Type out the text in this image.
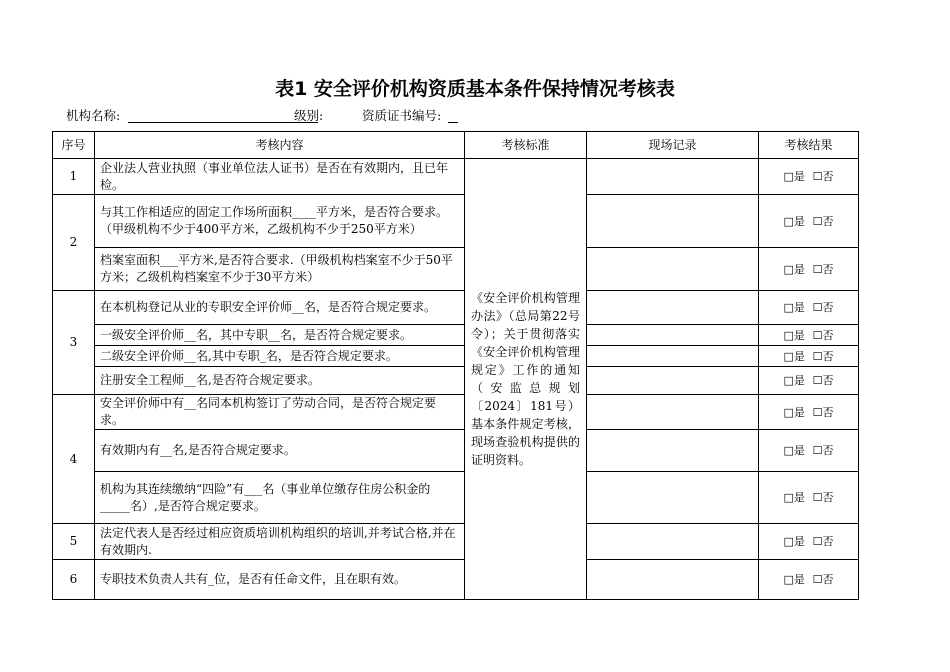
表1 安全评价机构资质基本条件保持情况考核表
机构名称:	级别:	资质证书编号:
序号	考核内容	考核标准	现场记录	考核结果
1	企业法人营业执照（事业单位法人证书）是否在有效期内，且已年检。	《安全评价机构管理办法》（总局第22号令）；关于贯彻落实《安全评价机构管理规定》工作的通知（安监总规划〔2024〕181号）基本条件规定考核，现场查验机构提供的证明资料。		□是 ☐否
2	与其工作相适应的固定工作场所面积____平方米，是否符合要求。（甲级机构不少于400平方米，乙级机构不少于250平方米）			□是 ☐否
	档案室面积___平方米,是否符合要求.（甲级机构档案室不少于50平方米；乙级机构档案室不少于30平方米）			□是 ☐否
3	在本机构登记从业的专职安全评价师__名，是否符合规定要求。			□是 ☐否
	一级安全评价师__名，其中专职__名，是否符合规定要求。			□是 ☐否
	二级安全评价师__名,其中专职_名，是否符合规定要求。			□是 ☐否
	注册安全工程师__名,是否符合规定要求。			□是 ☐否
4	安全评价师中有__名同本机构签订了劳动合同，是否符合规定要求。			□是 ☐否
	有效期内有__名,是否符合规定要求。			□是 ☐否
	机构为其连续缴纳“四险”有___名（事业单位缴存住房公积金的_____名）,是否符合规定要求。			□是 ☐否
5	法定代表人是否经过相应资质培训机构组织的培训,并考试合格,并在有效期内.			□是 ☐否
6	专职技术负责人共有_位，是否有任命文件，且在职有效。			□是 ☐否
